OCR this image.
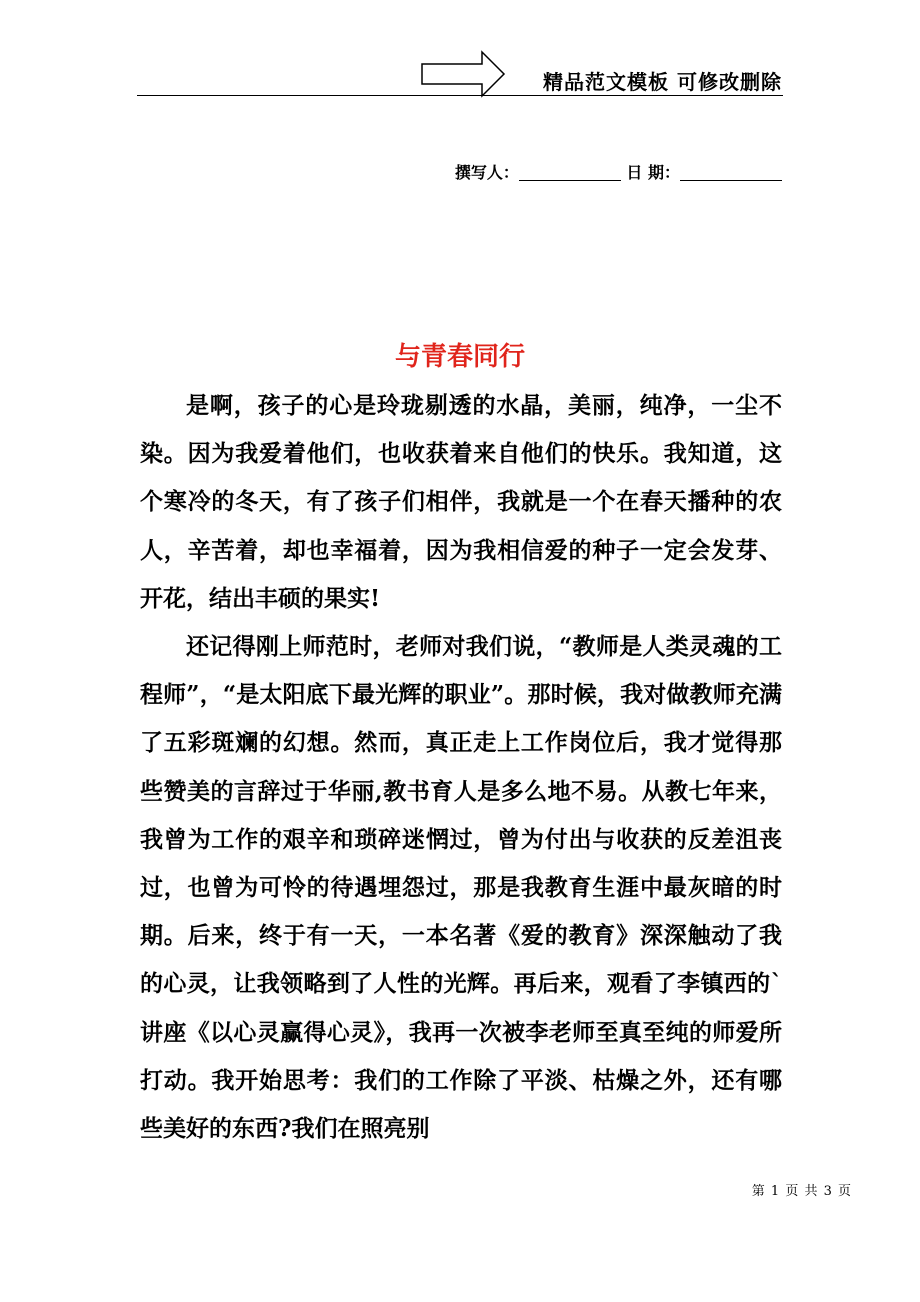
精品范文模板 可修改删除
撰写人：	日 期：
与青春同行

是啊，孩子的心是玲珑剔透的水晶，美丽，纯净，一尘不染。因为我爱着他们，也收获着来自他们的快乐。我知道，这个寒冷的冬天，有了孩子们相伴，我就是一个在春天播种的农人，辛苦着，却也幸福着，因为我相信爱的种子一定会发芽、开花，结出丰硕的果实!

还记得刚上师范时，老师对我们说，“教师是人类灵魂的工程师”，“是太阳底下最光辉的职业”。那时候，我对做教师充满了五彩斑斓的幻想。然而，真正走上工作岗位后，我才觉得那些赞美的言辞过于华丽,教书育人是多么地不易。从教七年来，我曾为工作的艰辛和琐碎迷惘过，曾为付出与收获的反差沮丧过，也曾为可怜的待遇埋怨过，那是我教育生涯中最灰暗的时期。后来，终于有一天，一本名著《爱的教育》深深触动了我的心灵，让我领略到了人性的光辉。再后来，观看了李镇西的`讲座《以心灵赢得心灵》，我再一次被李老师至真至纯的师爱所打动。我开始思考：我们的工作除了平淡、枯燥之外，还有哪些美好的东西?我们在照亮别

第 1 页 共 3 页
